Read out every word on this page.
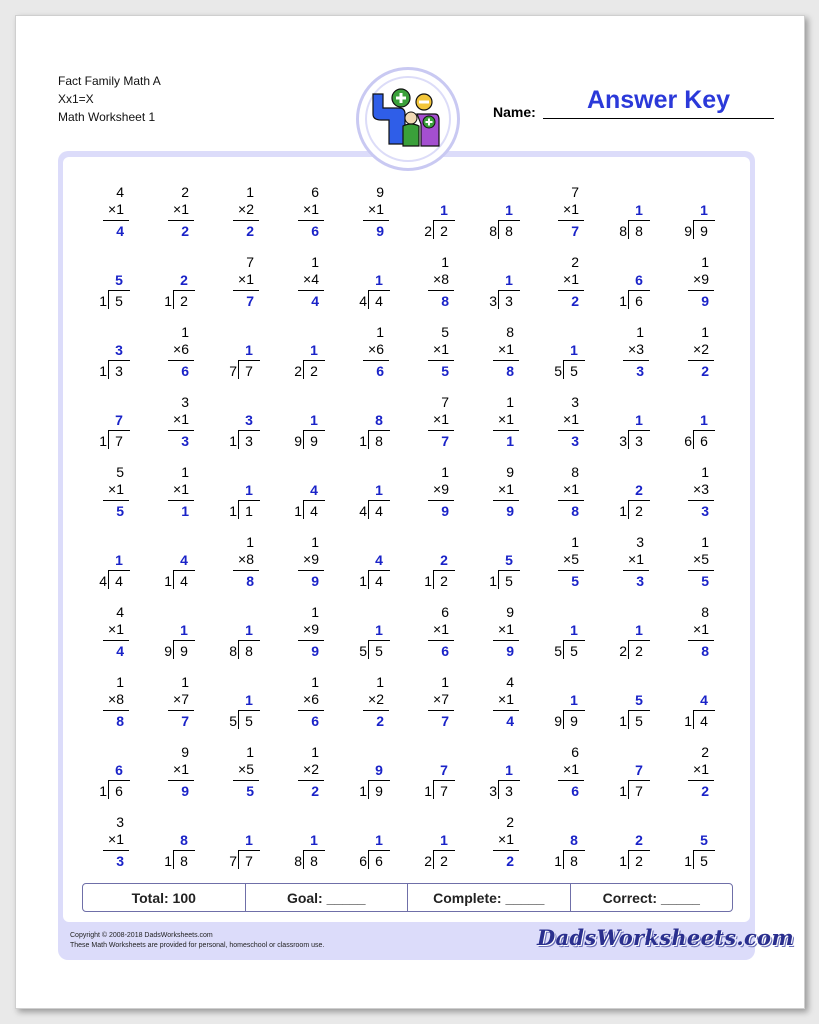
Fact Family Math A
Xx1=X
Math Worksheet 1	Name:	Answer Key
4
×1
4
2
×1
2
1
×2
2
6
×1
6
9
×1
9
1
2 2
1
8 8
7
×1
7
1
8 8
1
9 9
5
1 5
2
1 2
7
×1
7
1
×4
4
1
4 4
1
×8
8
1
3 3
2
×1
2
6
1 6
1
×9
9
3
1 3
1
×6
6
1
7 7
1
2 2
1
×6
6
5
×1
5
8
×1
8
1
5 5
1
×3
3
1
×2
2
7
1 7
3
×1
3
3
1 3
1
9 9
8
1 8
7
×1
7
1
×1
1
3
×1
3
1
3 3
1
6 6
5
×1
5
1
×1
1
1
1 1
4
1 4
1
4 4
1
×9
9
9
×1
9
8
×1
8
2
1 2
1
×3
3
1
4 4
4
1 4
1
×8
8
1
×9
9
4
1 4
2
1 2
5
1 5
1
×5
5
3
×1
3
1
×5
5
4
×1
4
1
9 9
1
8 8
1
×9
9
1
5 5
6
×1
6
9
×1
9
1
5 5
1
2 2
8
×1
8
1
×8
8
1
×7
7
1
5 5
1
×6
6
1
×2
2
1
×7
7
4
×1
4
1
9 9
5
1 5
4
1 4
6
1 6
9
×1
9
1
×5
5
1
×2
2
9
1 9
7
1 7
1
3 3
6
×1
6
7
1 7
2
×1
2
3
×1
3
8
1 8
1
7 7
1
8 8
1
6 6
1
2 2
2
×1
2
8
1 8
2
1 2
5
1 5
Total: 100	Goal: _____	Complete: _____	Correct: _____
Copyright © 2008-2018 DadsWorksheets.com
These Math Worksheets are provided for personal, homeschool or classroom use.	DadsWorksheets.com
